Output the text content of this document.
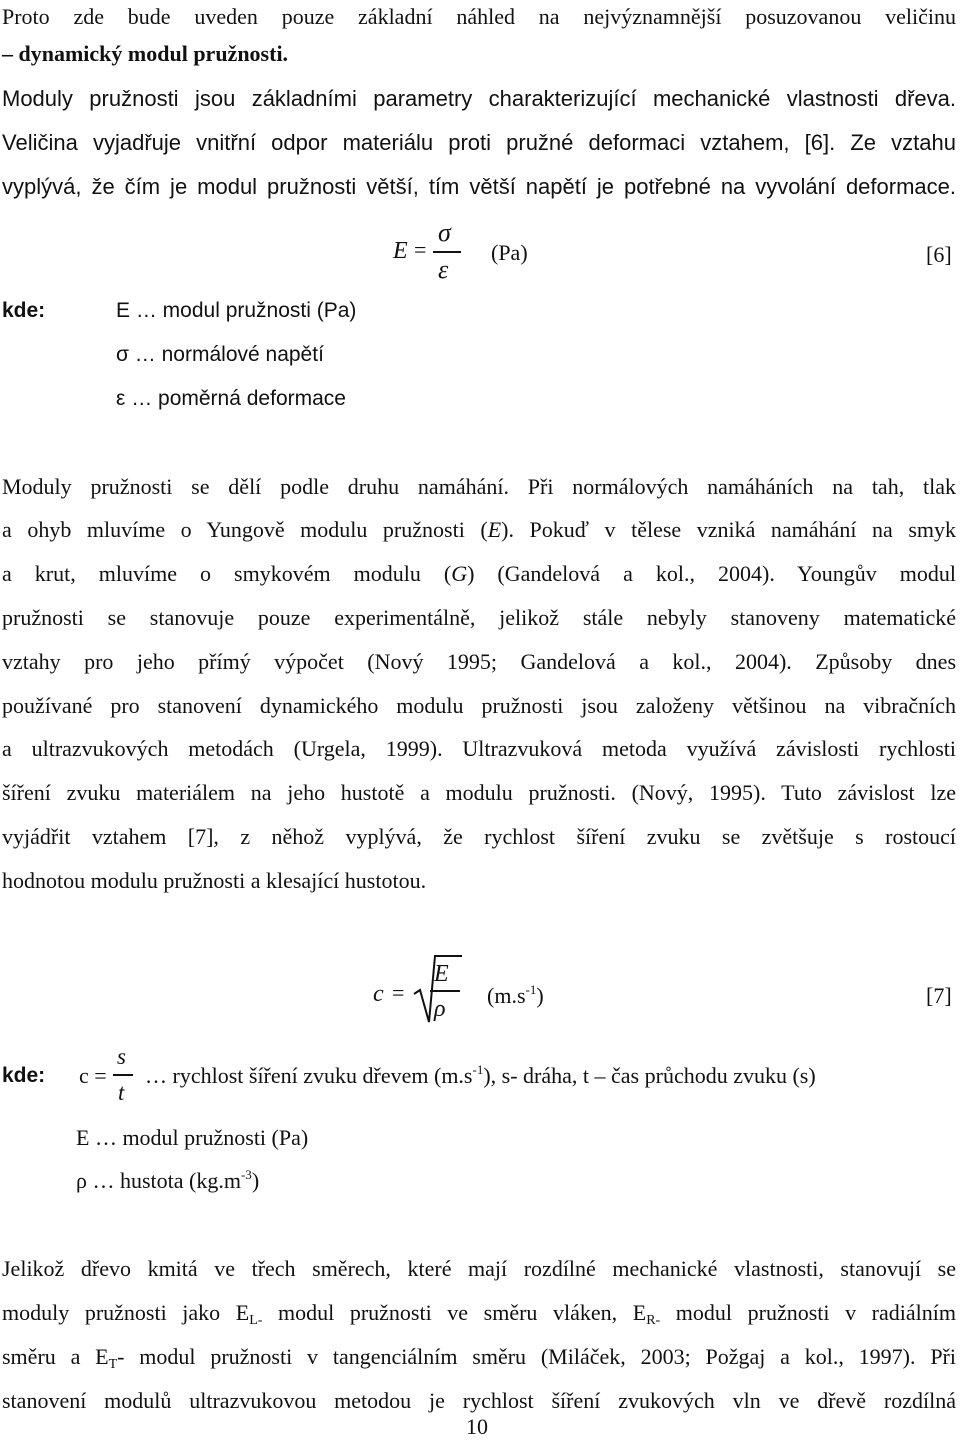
Proto zde bude uveden pouze základní náhled na nejvýznamnější posuzovanou veličinu
– dynamický modul pružnosti.
Moduly pružnosti jsou základními parametry charakterizující mechanické vlastnosti dřeva.
Veličina vyjadřuje vnitřní odpor materiálu proti pružné deformaci vztahem, [6]. Ze vztahu
vyplývá, že čím je modul pružnosti větší, tím větší napětí je potřebné na vyvolání deformace.
E =
σ
ε
(Pa)	[6]
kde:	E … modul pružnosti (Pa)
σ … normálové napětí
ε … poměrná deformace
Moduly pružnosti se dělí podle druhu namáhání. Při normálových namáháních na tah, tlak
a ohyb mluvíme o Yungově modulu pružnosti (E). Pokuď v tělese vzniká namáhání na smyk
a krut, mluvíme o smykovém modulu (G) (Gandelová a kol., 2004). Youngův modul
pružnosti se stanovuje pouze experimentálně, jelikož stále nebyly stanoveny matematické
vztahy pro jeho přímý výpočet (Nový 1995; Gandelová a kol., 2004). Způsoby dnes
používané pro stanovení dynamického modulu pružnosti jsou založeny většinou na vibračních
a ultrazvukových metodách (Urgela, 1999). Ultrazvuková metoda využívá závislosti rychlosti
šíření zvuku materiálem na jeho hustotě a modulu pružnosti. (Nový, 1995). Tuto závislost lze
vyjádřit vztahem [7], z něhož vyplývá, že rychlost šíření zvuku se zvětšuje s rostoucí
hodnotou modulu pružnosti a klesající hustotou.
c =
E
ρ
$(m.s^{-1})$	[7]
kde: c =
s
t
… rychlost šíření zvuku dřevem $(m.s^{-1})$, s- dráha, t – čas průchodu zvuku (s)
E … modul pružnosti (Pa)
ρ … hustota $(kg.m^{-3})$
Jelikož dřevo kmitá ve třech směrech, které mají rozdílné mechanické vlastnosti, stanovují se
moduly pružnosti jako $E_{L-}$ modul pružnosti ve směru vláken, $E_{R-}$ modul pružnosti v radiálním
směru a $E_T-$ modul pružnosti v tangenciálním směru (Miláček, 2003; Požgaj a kol., 1997). Při
stanovení modulů ultrazvukovou metodou je rychlost šíření zvukových vln ve dřevě rozdílná
10
